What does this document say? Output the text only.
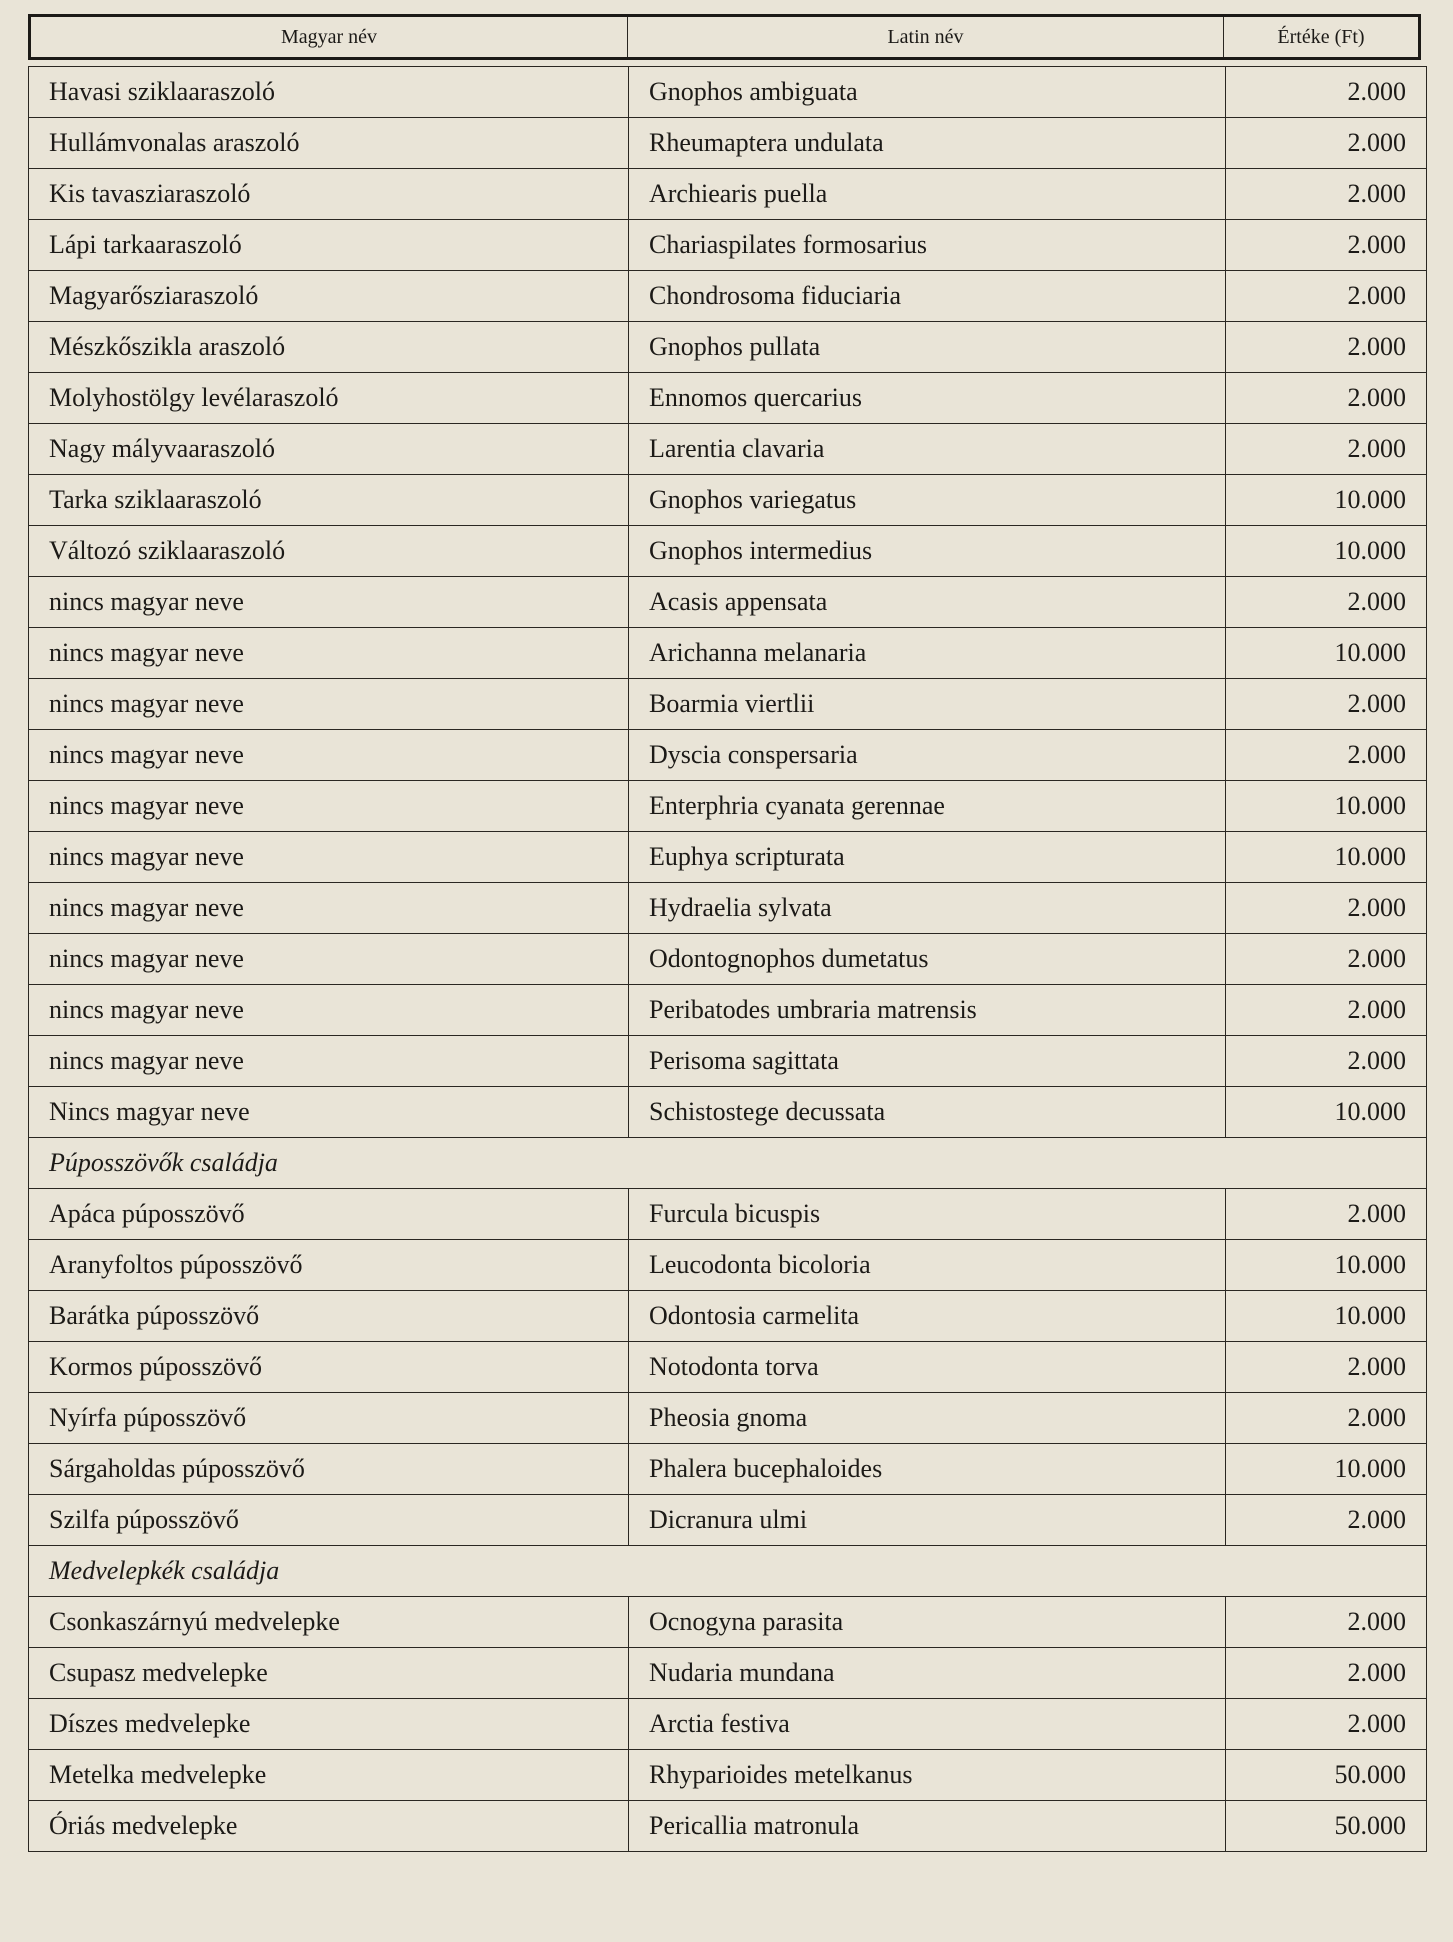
Magyar név	Latin név	Értéke (Ft)
Havasi sziklaaraszoló	Gnophos ambiguata	2.000
Hullámvonalas araszoló	Rheumaptera undulata	2.000
Kis tavasziaraszoló	Archiearis puella	2.000
Lápi tarkaaraszoló	Chariaspilates formosarius	2.000
Magyarősziaraszoló	Chondrosoma fiduciaria	2.000
Mészkőszikla araszoló	Gnophos pullata	2.000
Molyhostölgy levélaraszoló	Ennomos quercarius	2.000
Nagy mályvaaraszoló	Larentia clavaria	2.000
Tarka sziklaaraszoló	Gnophos variegatus	10.000
Változó sziklaaraszoló	Gnophos intermedius	10.000
nincs magyar neve	Acasis appensata	2.000
nincs magyar neve	Arichanna melanaria	10.000
nincs magyar neve	Boarmia viertlii	2.000
nincs magyar neve	Dyscia conspersaria	2.000
nincs magyar neve	Enterphria cyanata gerennae	10.000
nincs magyar neve	Euphya scripturata	10.000
nincs magyar neve	Hydraelia sylvata	2.000
nincs magyar neve	Odontognophos dumetatus	2.000
nincs magyar neve	Peribatodes umbraria matrensis	2.000
nincs magyar neve	Perisoma sagittata	2.000
Nincs magyar neve	Schistostege decussata	10.000
Púposszövők családja		
Apáca púposszövő	Furcula bicuspis	2.000
Aranyfoltos púposszövő	Leucodonta bicoloria	10.000
Barátka púposszövő	Odontosia carmelita	10.000
Kormos púposszövő	Notodonta torva	2.000
Nyírfa púposszövő	Pheosia gnoma	2.000
Sárgaholdas púposszövő	Phalera bucephaloides	10.000
Szilfa púposszövő	Dicranura ulmi	2.000
Medvelepkék családja		
Csonkaszárnyú medvelepke	Ocnogyna parasita	2.000
Csupasz medvelepke	Nudaria mundana	2.000
Díszes medvelepke	Arctia festiva	2.000
Metelka medvelepke	Rhyparioides metelkanus	50.000
Óriás medvelepke	Pericallia matronula	50.000
